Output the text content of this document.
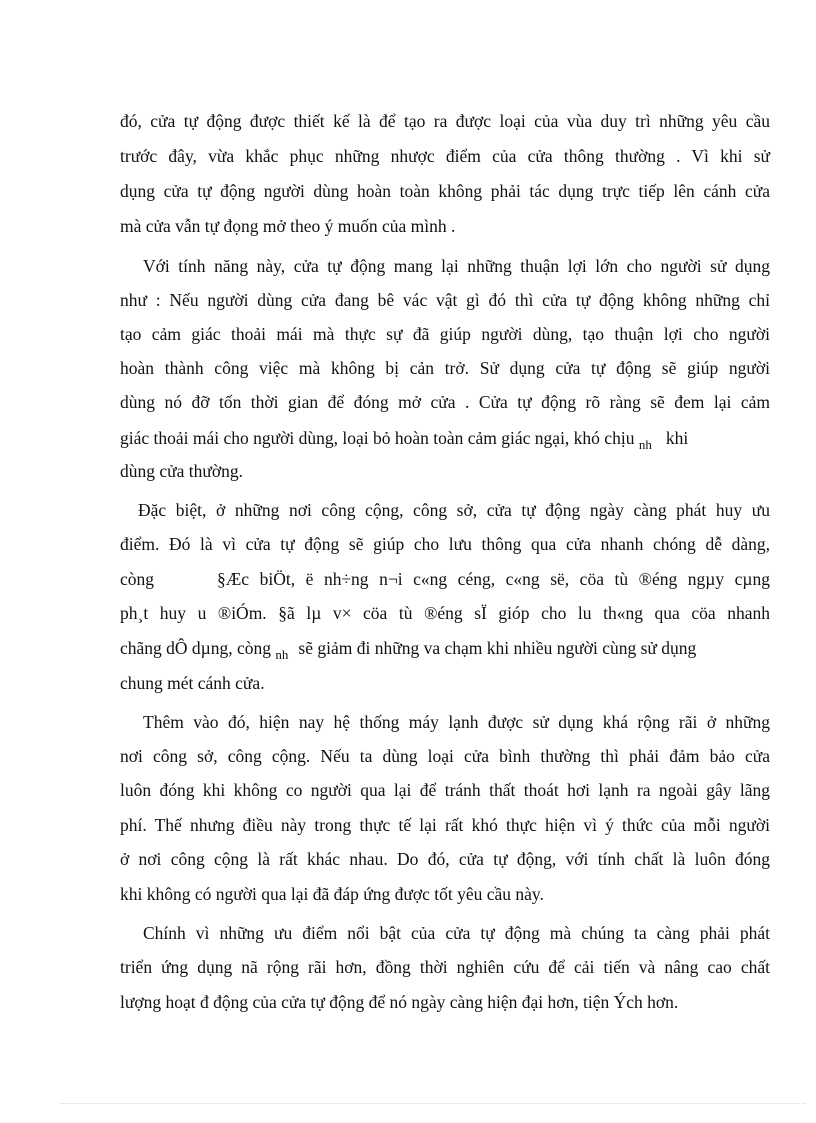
đó, cửa tự động được thiết kế là để tạo ra được loại của vùa duy trì những yêu cầu
trước đây, vừa khắc phục những nhược điểm của cửa thông thường . Vì khi sử
dụng cửa tự động người dùng hoàn toàn không phải tác dụng trực tiếp lên cánh cửa
mà cửa vẫn tự đọng mở theo ý muốn của mình .
Với tính năng này, cửa tự động mang lại những thuận lợi lớn cho người sử dụng
như : Nếu người dùng cửa đang bê vác vật gì đó thì cửa tự động không những chỉ
tạo cảm giác thoải mái mà thực sự đã giúp người dùng, tạo thuận lợi cho người
hoàn thành công việc mà không bị cản trở. Sử dụng cửa tự động sẽ giúp người
dùng nó đỡ tốn thời gian để đóng mở cửa . Cửa tự động rõ ràng sẽ đem lại cảm
giác thoải mái cho người dùng, loại bỏ hoàn toàn cảm giác ngại, khó chịu $_{nh}$ khi
dùng cửa thường.
Đặc biệt, ở những nơi công cộng, công sở, cửa tự động ngày càng phát huy ưu
điểm. Đó là vì cửa tự động sẽ giúp cho lưu thông qua cửa nhanh chóng dễ dàng,
còng	§Æc biÖt, ë nh÷ng n¬i c«ng céng, c«ng së, cöa tù ®éng ngµy cµng
ph¸t huy u ®iÓm. §ã lµ v× cöa tù ®éng sÏ gióp cho lu th«ng qua cöa nhanh
chãng dÔ dµng, còng $_{nh}$ sẽ giảm đi những va chạm khi nhiều người cùng sử dụng
chung mét cánh cửa.
Thêm vào đó, hiện nay hệ thống máy lạnh được sử dụng khá rộng rãi ở những
nơi công sở, công cộng. Nếu ta dùng loại cửa bình thường thì phải đảm bảo cửa
luôn đóng khi không co người qua lại để tránh thất thoát hơi lạnh ra ngoài gây lãng
phí. Thế nhưng điều này trong thực tế lại rất khó thực hiện vì ý thức của mỗi người
ở nơi công cộng là rất khác nhau. Do đó, cửa tự động, với tính chất là luôn đóng
khi không có người qua lại đã đáp ứng được tốt yêu cầu này.
Chính vì những ưu điểm nổi bật của cửa tự động mà chúng ta càng phải phát
triển ứng dụng nã rộng rãi hơn, đồng thời nghiên cứu để cải tiến và nâng cao chất
lượng hoạt đ động của cửa tự động để nó ngày càng hiện đại hơn, tiện Ých hơn.
